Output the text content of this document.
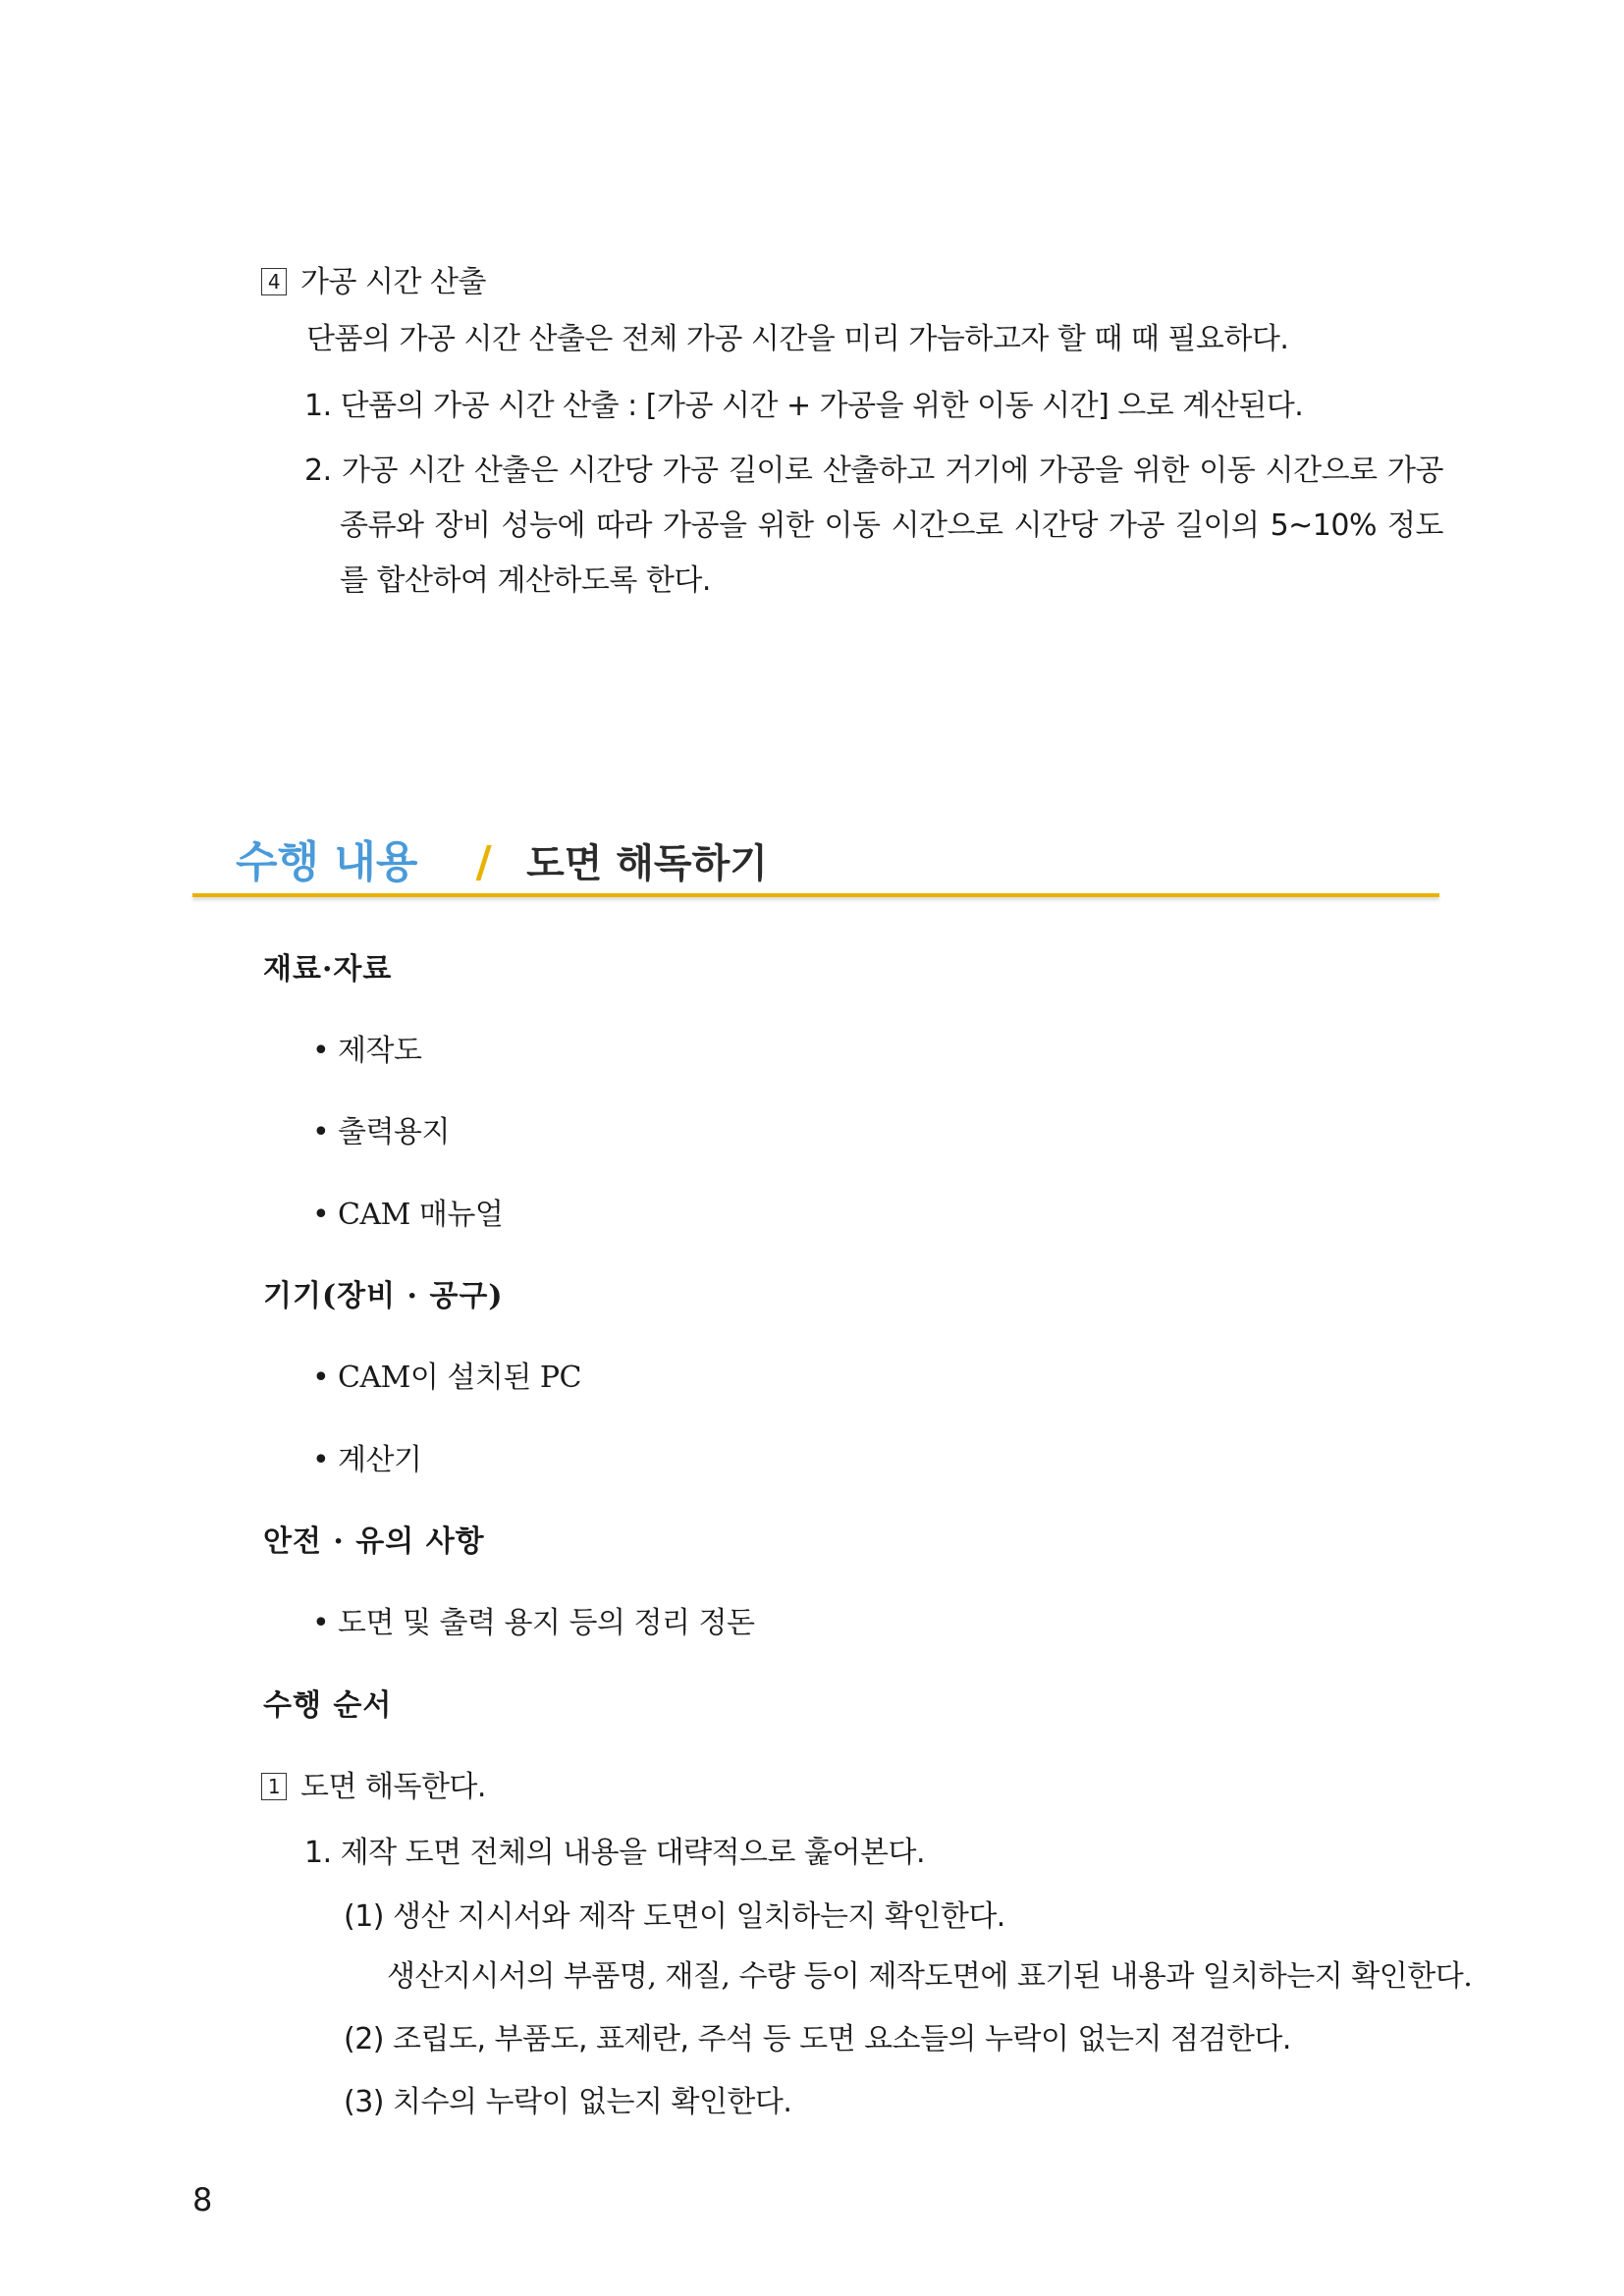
4 가공 시간 산출
단품의 가공 시간 산출은 전체 가공 시간을 미리 가늠하고자 할 때 때 필요하다.
1. 단품의 가공 시간 산출 : [가공 시간 + 가공을 위한 이동 시간] 으로 계산된다.
2. 가공 시간 산출은 시간당 가공 길이로 산출하고 거기에 가공을 위한 이동 시간으로 가공 종류와 장비 성능에 따라 가공을 위한 이동 시간으로 시간당 가공 길이의 5~10% 정도를 합산하여 계산하도록 한다.
수행 내용 / 도면 해독하기
재료·자료
• 제작도
• 출력용지
• CAM 매뉴얼
기기(장비 · 공구)
• CAM이 설치된 PC
• 계산기
안전 · 유의 사항
• 도면 및 출력 용지 등의 정리 정돈
수행 순서
1 도면 해독한다.
1. 제작 도면 전체의 내용을 대략적으로 훑어본다.
(1) 생산 지시서와 제작 도면이 일치하는지 확인한다.
생산지시서의 부품명, 재질, 수량 등이 제작도면에 표기된 내용과 일치하는지 확인한다.
(2) 조립도, 부품도, 표제란, 주석 등 도면 요소들의 누락이 없는지 점검한다.
(3) 치수의 누락이 없는지 확인한다.
8
